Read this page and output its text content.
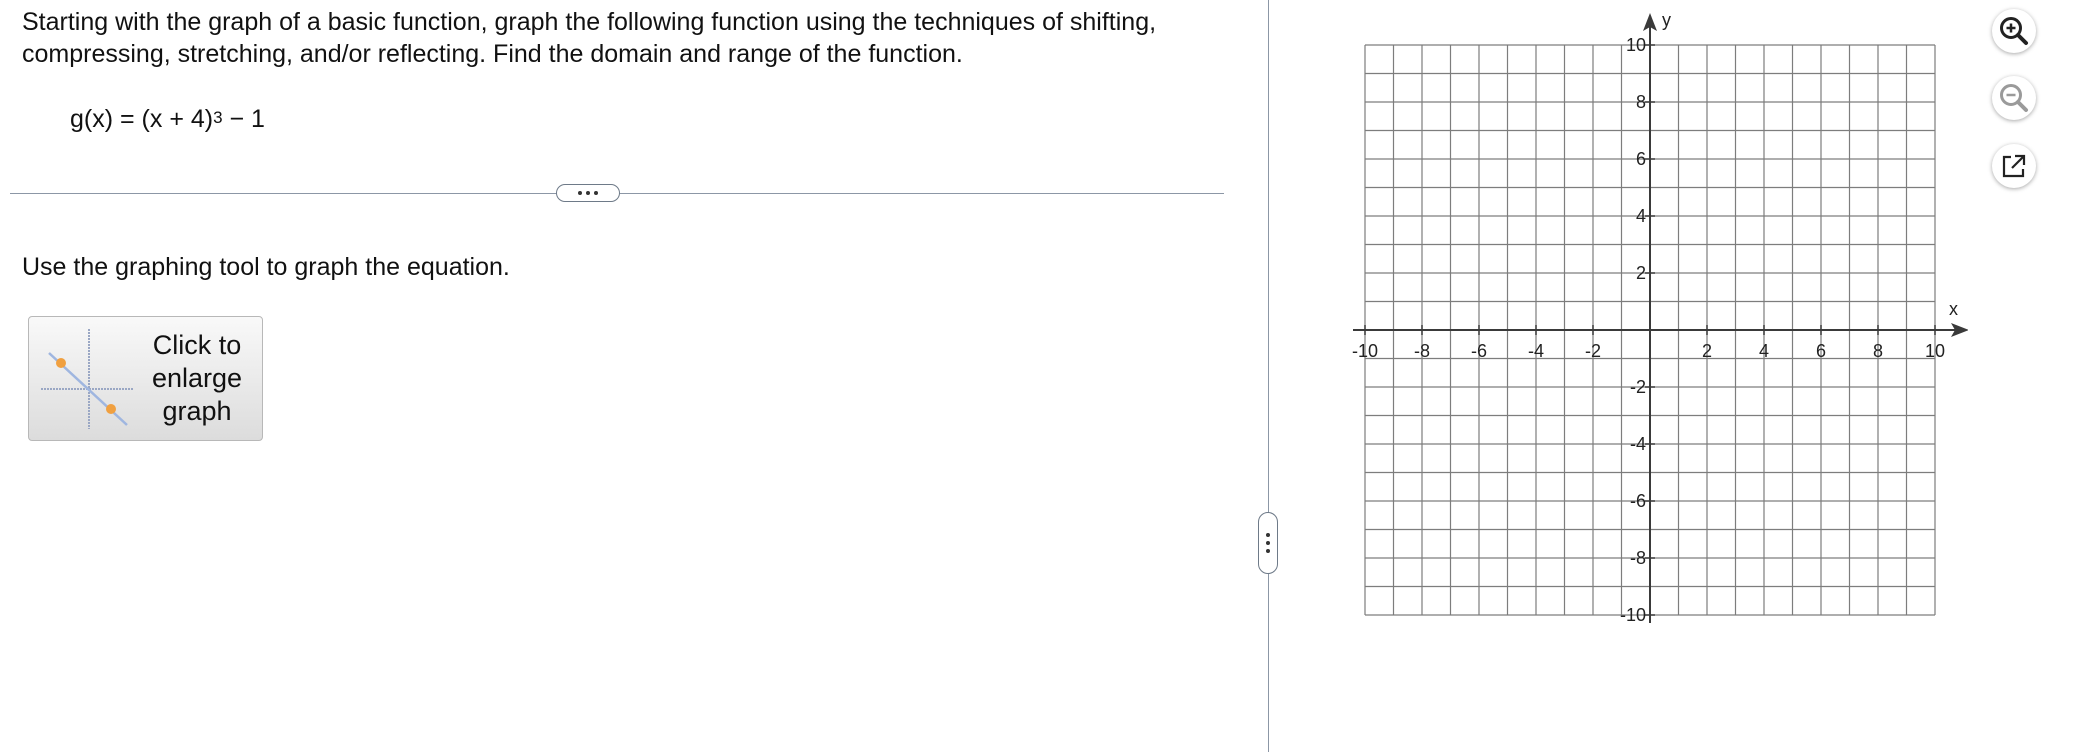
Starting with the graph of a basic function, graph the following function using the techniques of shifting, compressing, stretching, and/or reflecting. Find the domain and range of the function.
$g(x) = (x + 4)^3 - 1$
Use the graphing tool to graph the equation.
Click to
enlarge
graph
x
y
-10 -8 -6 -4 -2	2	4	6	8 10
10
8
6
4
2
-2
-4
-6
-8
-10
